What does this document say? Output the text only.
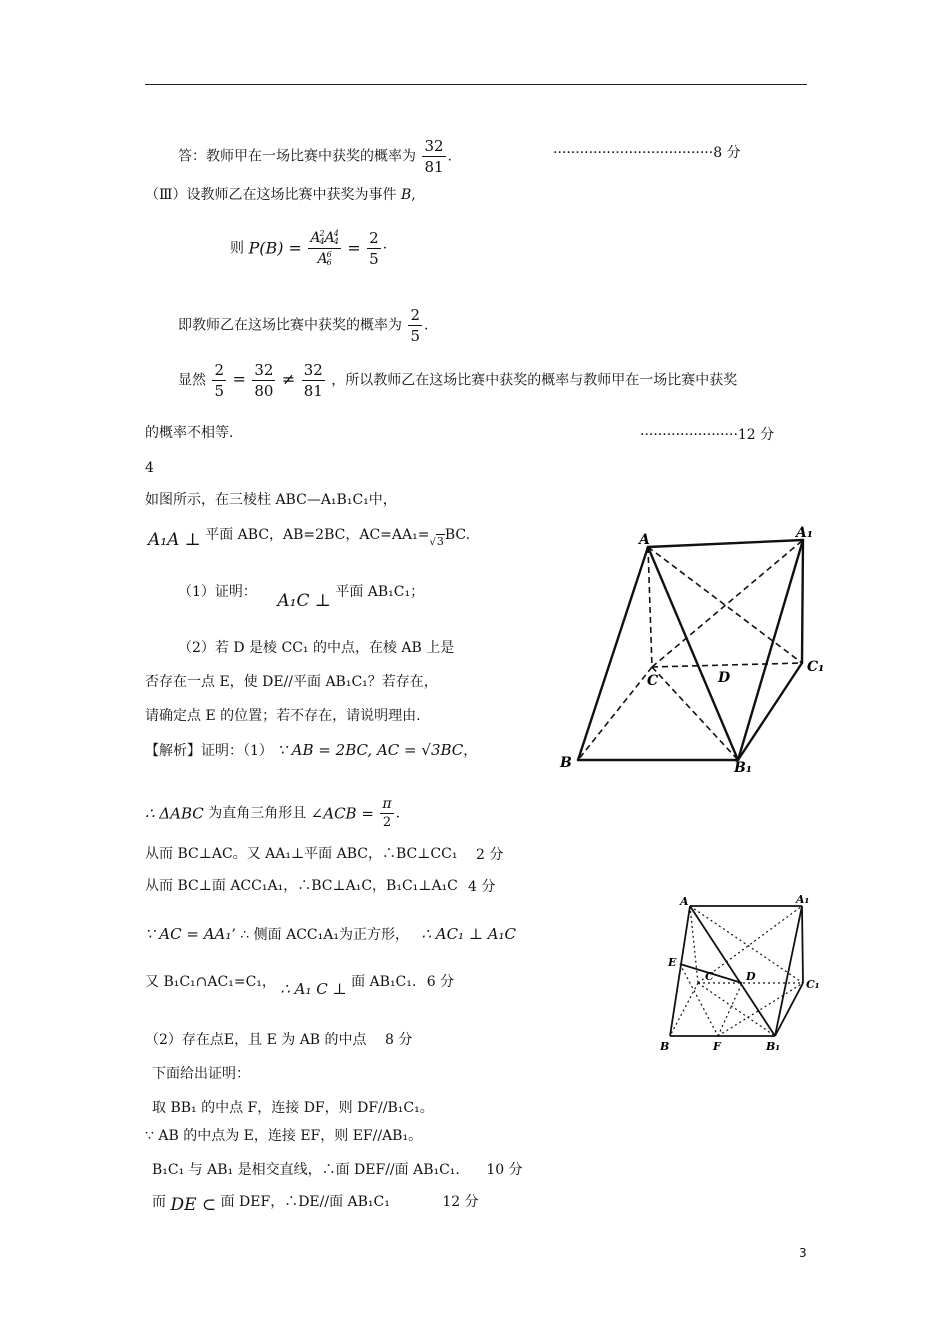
答：教师甲在一场比赛中获奖的概率为 $\frac{32}{81}$ .	····································8 分
（Ⅲ）设教师乙在这场比赛中获奖为事件 B,
则 P(B) = A 2
4 A 4
4
A 6
$6 = \frac{2}{5}$ ·
即教师乙在这场比赛中获奖的概率为 $\frac{2}{5}$ .
显然 $\frac{2}{5} = \frac{32}{80} \ne \frac{32}{81}$ ，所以教师乙在这场比赛中获奖的概率与教师甲在一场比赛中获奖
的概率不相等.	······················12 分
4
如图所示，在三棱柱 ABC—A₁B₁C₁中，
A₁A ⊥ 平面 ABC，AB=2BC，$AC=AA_1=_√3BC$.
（1）证明： A₁C ⊥ 平面 AB₁C₁；
（2）若 D 是棱 CC₁ 的中点，在棱 AB 上是
否存在一点 E，使 DE//平面 AB₁C₁？若存在，
请确定点 E 的位置；若不存在，请说明理由.
【解析】证明：（1） ∵ AB = 2BC, AC = √3BC，
∴ ΔABC 为直角三角形且 ∠ACB = $\frac{\pi}{2}$ .
从而 BC⊥AC。又 AA₁⊥平面 ABC，∴BC⊥CC₁ 2 分
从而 BC⊥面 ACC₁A₁，∴BC⊥A₁C，B₁C₁⊥A₁C 4 分
∵ AC = AA₁’ ∴ 侧面 ACC₁A₁为正方形， ∴ AC₁ ⊥ A₁C
又 B₁C₁∩AC₁=C₁， ∴ A₁ C ⊥ 面 AB₁C₁. 6 分
（2）存在点E，且 E 为 AB 的中点 8 分
下面给出证明：
取 BB₁ 的中点 F，连接 DF，则 DF//B₁C₁。
∵ AB 的中点为 E，连接 EF，则 EF//AB₁。
B₁C₁ 与 AB₁ 是相交直线，∴面 DEF//面 AB₁C₁. 10 分
而 DE ⊂ 面 DEF，∴DE//面 AB₁C₁	12 分
A	A₁
C	D
C₁
B	B₁
A	A₁
E
C	D
C₁
B	F	B₁
3
